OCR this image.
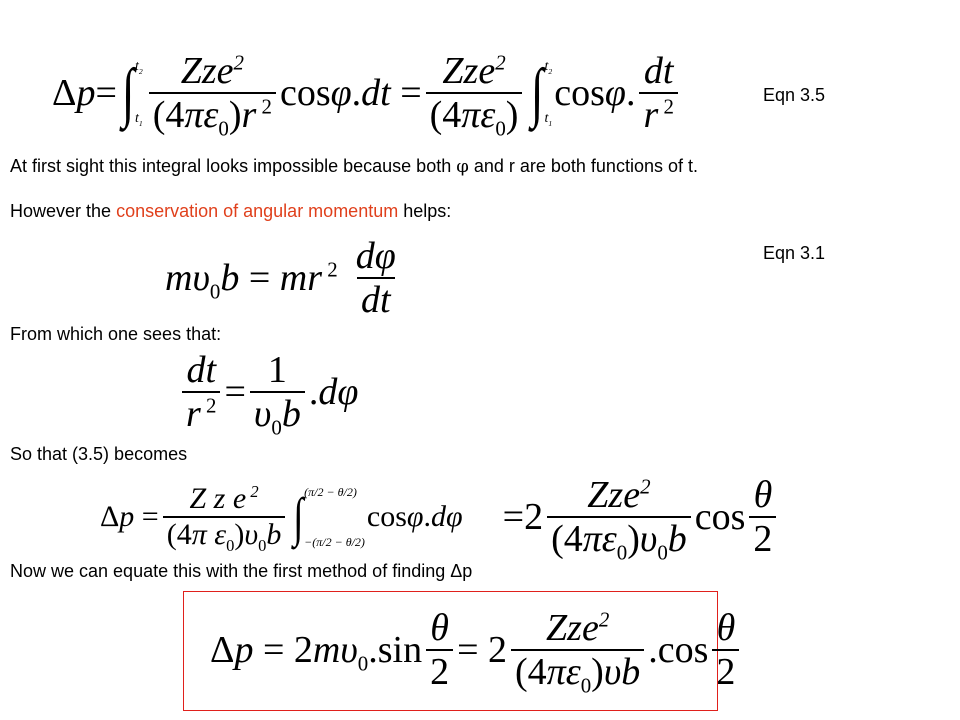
Δp= ∫ $t_2$
$t_1 \frac{Zze^2}{(4\pi\varepsilon_0)r ^2} \cos\varphi.dt = \frac{Zze^2}{(4\pi\varepsilon_0)}$ ∫ $t_2$
$t_1$
cosφ. $\frac{dt}{r ^2}$	Eqn 3.5
At first sight this integral looks impossible because both φ and r are both functions of t.
However the conservation of angular momentum helps:
$m\upsilon_0b$ = mr $^2 \frac{d\varphi}{dt}$	Eqn 3.1
From which one sees that:
$\frac{dt}{r ^2} = \frac{1}{\upsilon_0b} .d\varphi$
So that (3.5) becomes
$\Delta p = \frac{Z z e ^2}{(4\pi \varepsilon_0)\upsilon_0b}$ ∫ (π/2 − θ/2)
−(π/2 − θ/2)
$\cos\varphi.d\varphi =2 \frac{Zze^2}{(4\pi\varepsilon_0)\upsilon_0b}$ $\cos \frac{\theta}{2}$
Now we can equate this with the first method of finding Δp
$\Delta p = 2m\upsilon_0.\sin \frac{\theta}{2} = 2 \frac{Zze^2}{(4\pi\varepsilon_0)\upsilon b} .\cos \frac{\theta}{2}$
